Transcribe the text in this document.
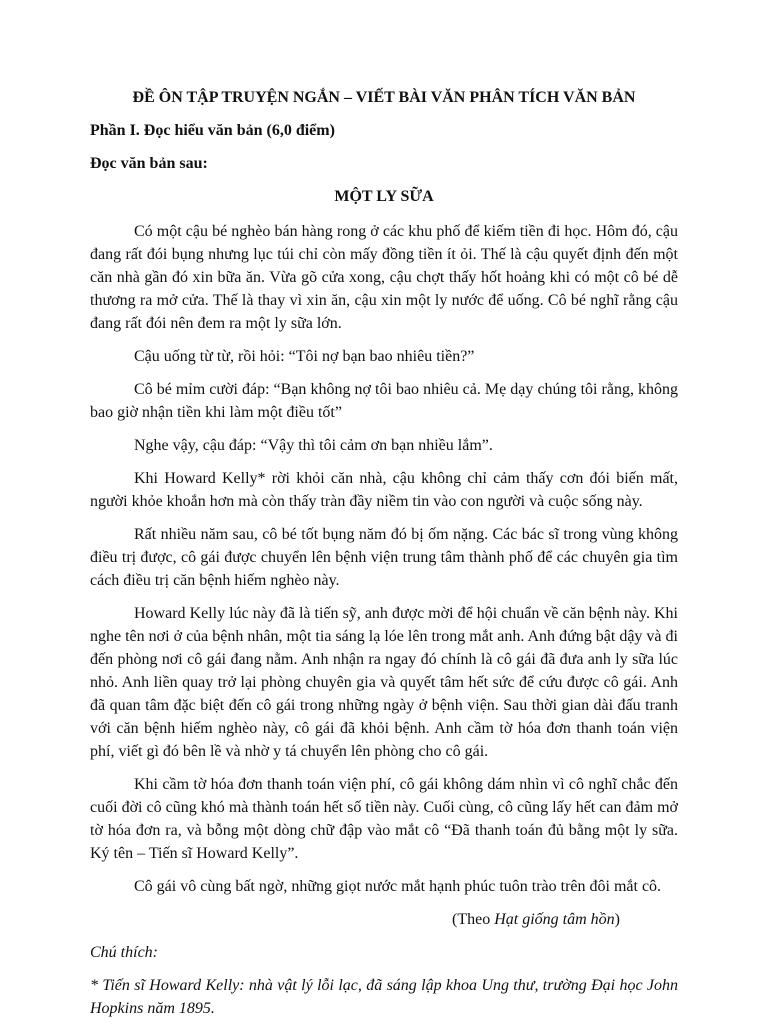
ĐỀ ÔN TẬP TRUYỆN NGẮN – VIẾT BÀI VĂN PHÂN TÍCH VĂN BẢN

Phần I. Đọc hiểu văn bản (6,0 điểm)

Đọc văn bản sau:

MỘT LY SỮA

Có một cậu bé nghèo bán hàng rong ở các khu phố để kiếm tiền đi học. Hôm đó, cậu đang rất đói bụng nhưng lục túi chỉ còn mấy đồng tiền ít ỏi. Thế là cậu quyết định đến một căn nhà gần đó xin bữa ăn. Vừa gõ cửa xong, cậu chợt thấy hốt hoảng khi có một cô bé dễ thương ra mở cửa. Thế là thay vì xin ăn, cậu xin một ly nước để uống. Cô bé nghĩ rằng cậu đang rất đói nên đem ra một ly sữa lớn.

Cậu uống từ từ, rồi hỏi: “Tôi nợ bạn bao nhiêu tiền?”

Cô bé mỉm cười đáp: “Bạn không nợ tôi bao nhiêu cả. Mẹ dạy chúng tôi rằng, không bao giờ nhận tiền khi làm một điều tốt”

Nghe vậy, cậu đáp: “Vậy thì tôi cảm ơn bạn nhiều lắm”.

Khi Howard Kelly* rời khỏi căn nhà, cậu không chỉ cảm thấy cơn đói biến mất, người khỏe khoắn hơn mà còn thấy tràn đầy niềm tin vào con người và cuộc sống này.

Rất nhiều năm sau, cô bé tốt bụng năm đó bị ốm nặng. Các bác sĩ trong vùng không điều trị được, cô gái được chuyển lên bệnh viện trung tâm thành phố để các chuyên gia tìm cách điều trị căn bệnh hiếm nghèo này.

Howard Kelly lúc này đã là tiến sỹ, anh được mời để hội chuẩn về căn bệnh này. Khi nghe tên nơi ở của bệnh nhân, một tia sáng lạ lóe lên trong mắt anh. Anh đứng bật dậy và đi đến phòng nơi cô gái đang nằm. Anh nhận ra ngay đó chính là cô gái đã đưa anh ly sữa lúc nhỏ. Anh liền quay trở lại phòng chuyên gia và quyết tâm hết sức để cứu được cô gái. Anh đã quan tâm đặc biệt đến cô gái trong những ngày ở bệnh viện. Sau thời gian dài đấu tranh với căn bệnh hiếm nghèo này, cô gái đã khỏi bệnh. Anh cầm tờ hóa đơn thanh toán viện phí, viết gì đó bên lề và nhờ y tá chuyển lên phòng cho cô gái.

Khi cầm tờ hóa đơn thanh toán viện phí, cô gái không dám nhìn vì cô nghĩ chắc đến cuối đời cô cũng khó mà thành toán hết số tiền này. Cuối cùng, cô cũng lấy hết can đảm mở tờ hóa đơn ra, và bỗng một dòng chữ đập vào mắt cô “Đã thanh toán đủ bằng một ly sữa. Ký tên – Tiến sĩ Howard Kelly”.

Cô gái vô cùng bất ngờ, những giọt nước mắt hạnh phúc tuôn trào trên đôi mắt cô.

(Theo Hạt giống tâm hồn)

Chú thích:

* Tiến sĩ Howard Kelly: nhà vật lý lỗi lạc, đã sáng lập khoa Ung thư, trường Đại học John Hopkins năm 1895.
